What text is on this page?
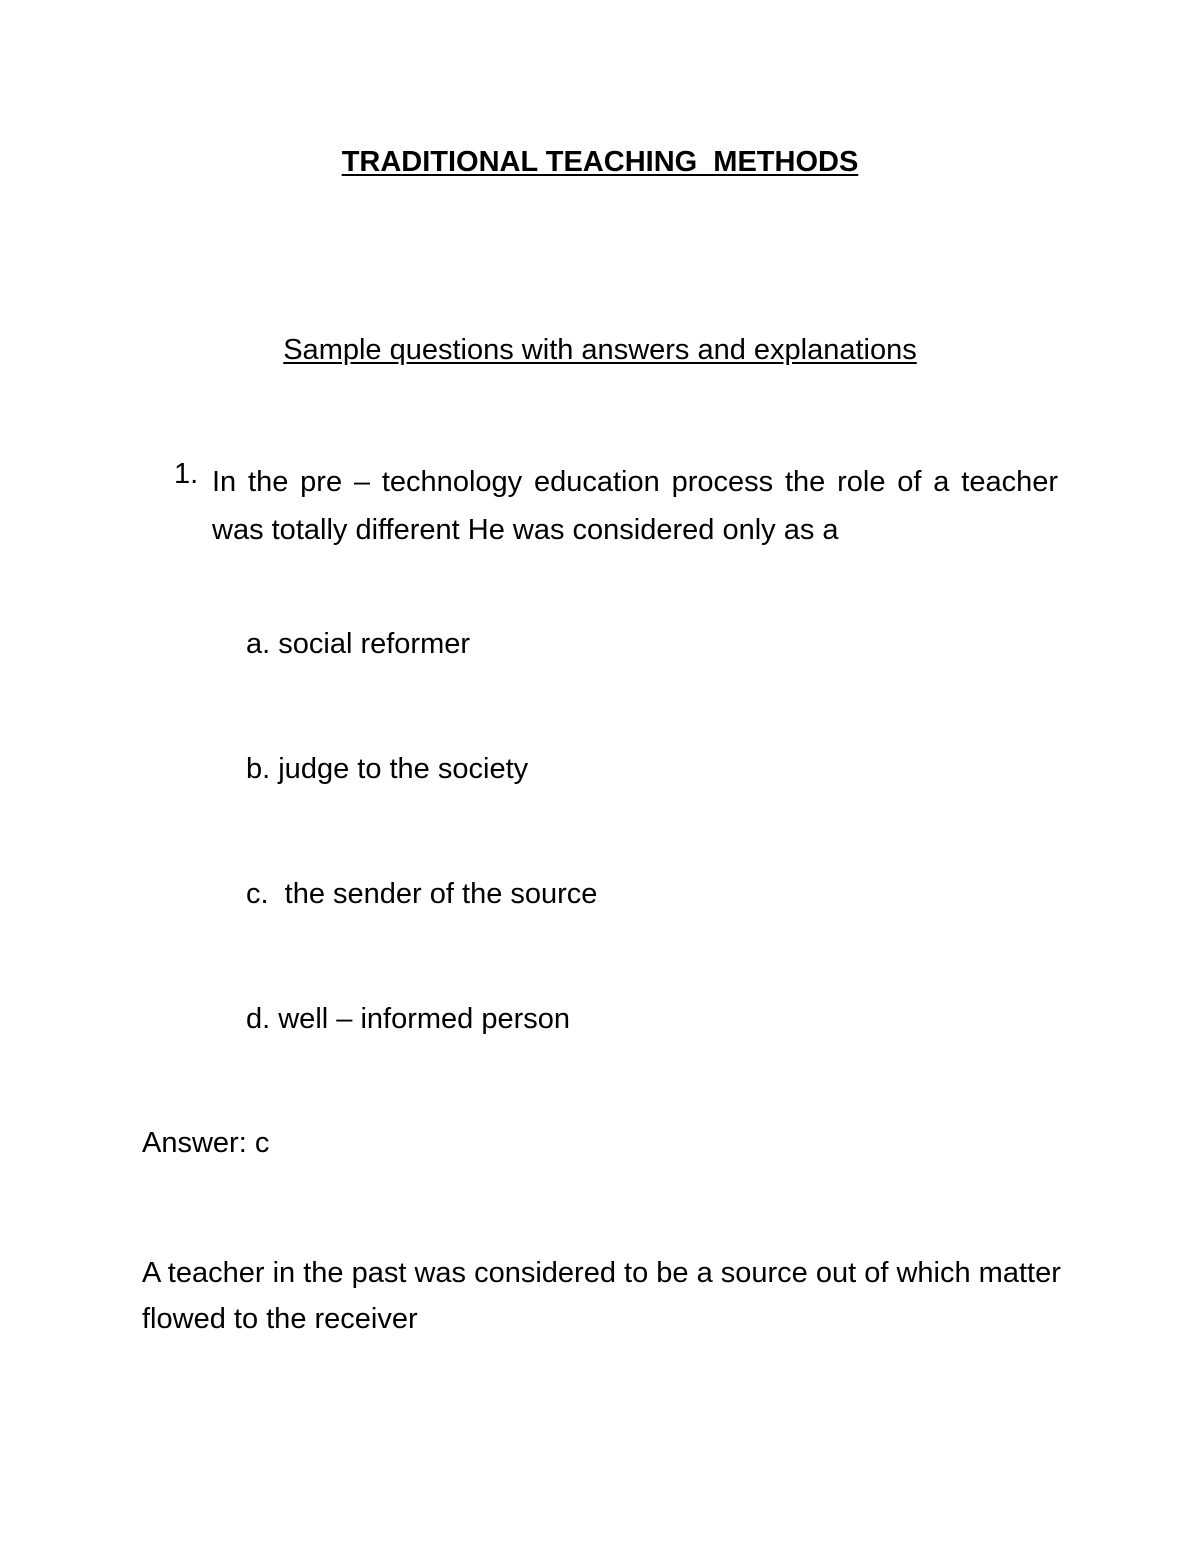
TRADITIONAL TEACHING  METHODS
Sample questions with answers and explanations
1. In the pre – technology education process the role of a teacher was totally different He was considered only as a
a. social reformer
b. judge to the society
c.  the sender of the source
d. well – informed person
Answer: c
A teacher in the past was considered to be a source out of which matter flowed to the receiver
